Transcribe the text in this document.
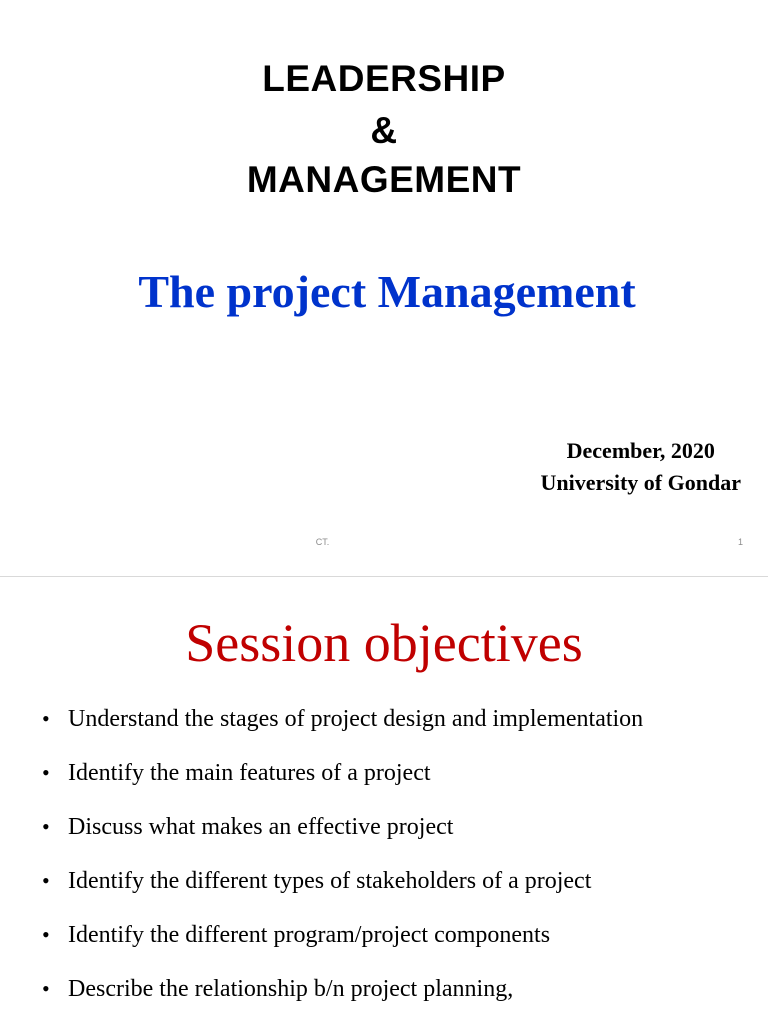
LEADERSHIP
&
MANAGEMENT
The project Management
December, 2020
University of Gondar
CT.	1
Session objectives
• Understand the stages of project design and implementation
• Identify the main features of a project
• Discuss what makes an effective project
• Identify the different types of stakeholders of a project
• Identify the different program/project components
• Describe the relationship b/n project planning,
